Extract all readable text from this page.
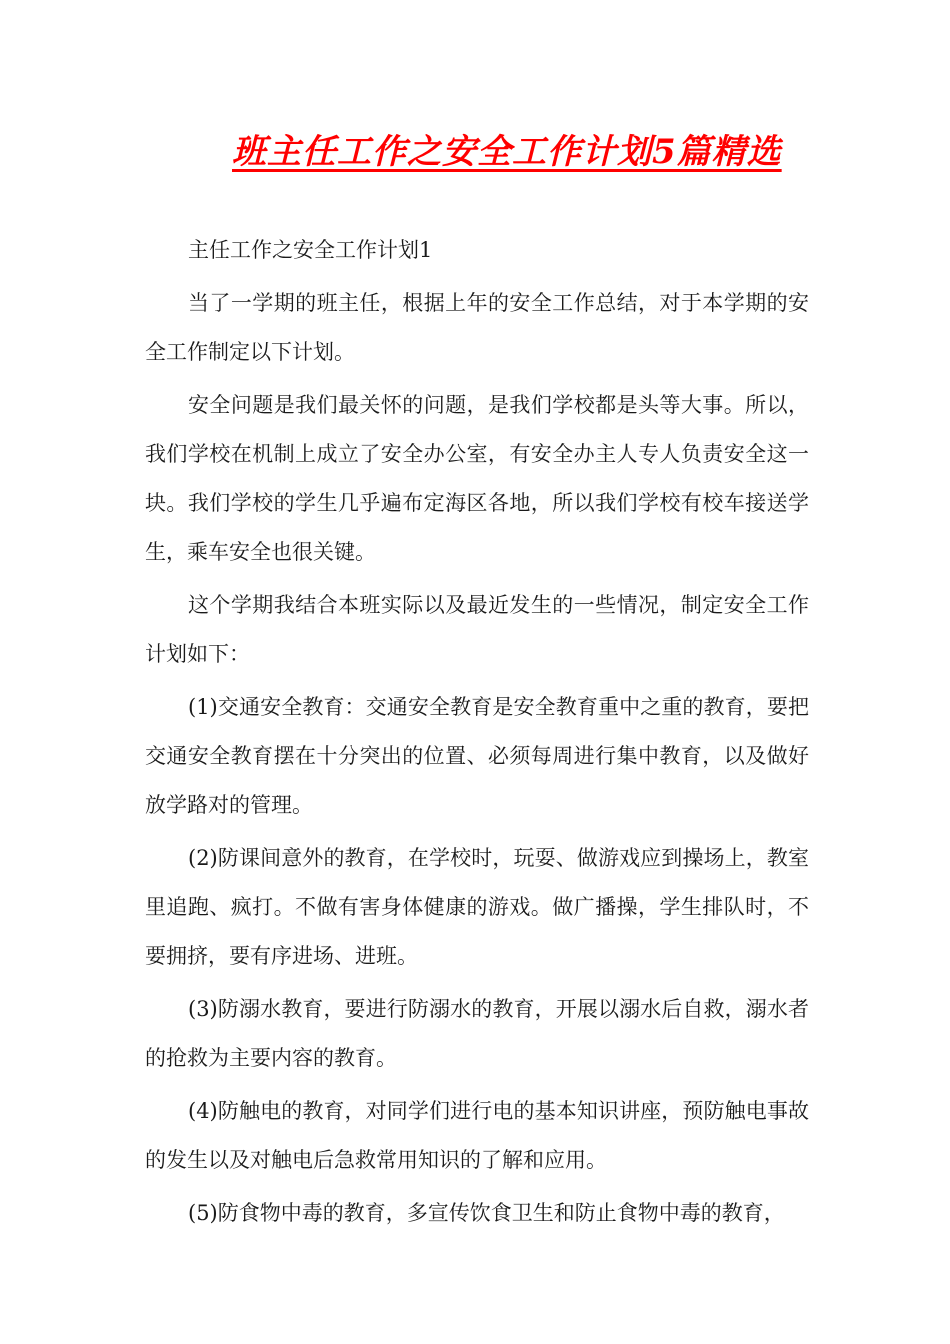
班主任工作之安全工作计划5篇精选

主任工作之安全工作计划1

当了一学期的班主任，根据上年的安全工作总结，对于本学期的安全工作制定以下计划。

安全问题是我们最关怀的问题，是我们学校都是头等大事。所以，我们学校在机制上成立了安全办公室，有安全办主人专人负责安全这一块。我们学校的学生几乎遍布定海区各地，所以我们学校有校车接送学生，乘车安全也很关键。

这个学期我结合本班实际以及最近发生的一些情况，制定安全工作计划如下：

(1)交通安全教育：交通安全教育是安全教育重中之重的教育，要把交通安全教育摆在十分突出的位置、必须每周进行集中教育，以及做好放学路对的管理。

(2)防课间意外的教育，在学校时，玩耍、做游戏应到操场上，教室里追跑、疯打。不做有害身体健康的游戏。做广播操，学生排队时，不要拥挤，要有序进场、进班。

(3)防溺水教育，要进行防溺水的教育，开展以溺水后自救，溺水者的抢救为主要内容的教育。

(4)防触电的教育，对同学们进行电的基本知识讲座，预防触电事故的发生以及对触电后急救常用知识的了解和应用。

(5)防食物中毒的教育，多宣传饮食卫生和防止食物中毒的教育，
